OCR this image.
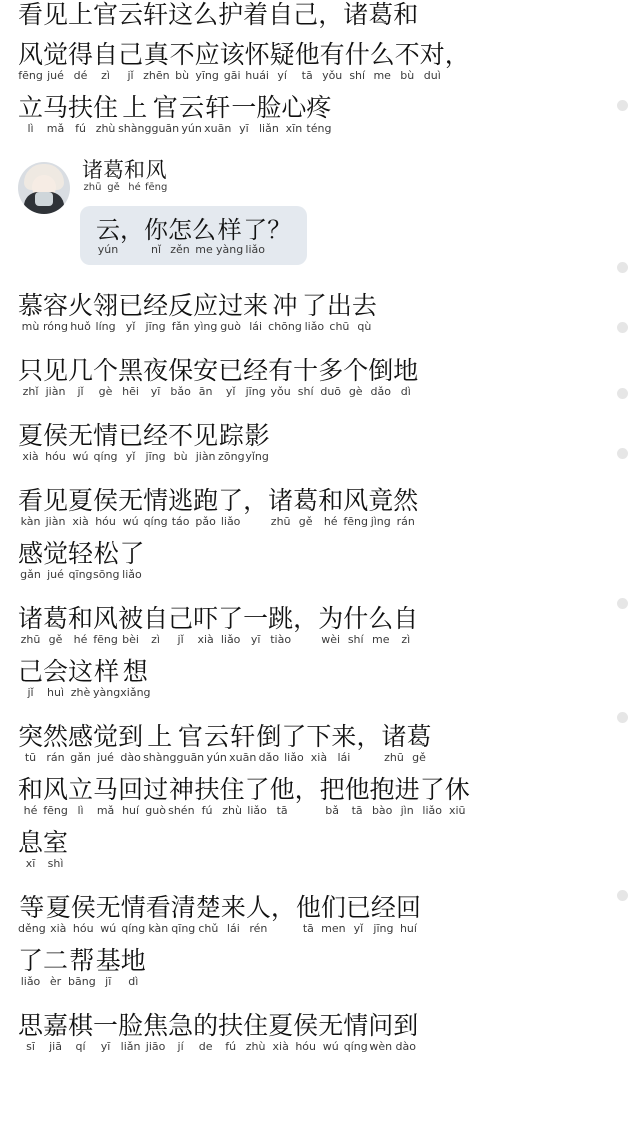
看 见 上 官 云 轩 这 么 护 着 自 己 ， 诸 葛 和
fēng
风
jué
觉
dé
得
zì
自
jǐ
己
zhēn
真
bù
不
yīng
应
gāi
该
huái
怀
yí
疑
tā
他
yǒu
有
shí
什
me
么
bù
不
duì
对 ，
lì
立
mǎ
马
fú
扶
zhù
住
shàng
上
guān
官
yún
云
xuān
轩
yī
一
liǎn
脸
xīn
心
téng
疼
zhū
诸
gě
葛
hé
和
fēng
风
yún
云 ，
nǐ
你
zěn
怎
me
么
yàng
样
liǎo
了 ？
mù
慕
róng
容
huǒ
火
líng
翎
yǐ
已
jīng
经
fǎn
反
yìng
应
guò
过
lái
来
chōng
冲
liǎo
了
chū
出
qù
去
zhǐ
只
jiàn
见
jǐ
几
gè
个
hēi
黑
yī
夜
bǎo
保
ān
安
yǐ
已
jīng
经
yǒu
有
shí
十
duō
多
gè
个
dǎo
倒
dì
地
xià
夏
hóu
侯
wú
无
qíng
情
yǐ
已
jīng
经
bù
不
jiàn
见
zōng
踪
yǐng
影
kàn
看
jiàn
见
xià
夏
hóu
侯
wú
无
qíng
情
táo
逃
pǎo
跑
liǎo
了 ，
zhū
诸
gě
葛
hé
和
fēng
风
jìng
竟
rán
然
gǎn
感
jué
觉
qīng
轻
sōng
松
liǎo
了
zhū
诸
gě
葛
hé
和
fēng
风
bèi
被
zì
自
jǐ
己
xià
吓
liǎo
了
yī
一
tiào
跳 ，
wèi
为
shí
什
me
么
zì
自
jǐ
己
huì
会
zhè
这
yàng
样
xiǎng
想
tū
突
rán
然
gǎn
感
jué
觉
dào
到
shàng
上
guān
官
yún
云
xuān
轩
dǎo
倒
liǎo
了
xià
下
lái
来 ，
zhū
诸
gě
葛
hé
和
fēng
风
lì
立
mǎ
马
huí
回
guò
过
shén
神
fú
扶
zhù
住
liǎo
了
tā
他 ，
bǎ
把
tā
他
bào
抱
jìn
进
liǎo
了
xiū
休
xī
息
shì
室
děng
等
xià
夏
hóu
侯
wú
无
qíng
情
kàn
看
qīng
清
chǔ
楚
lái
来
rén
人 ，
tā
他
men
们
yǐ
已
jīng
经
huí
回
liǎo
了
èr
二
bāng
帮
jī
基
dì
地
sī
思
jiā
嘉
qí
棋
yī
一
liǎn
脸
jiāo
焦
jí
急
de
的
fú
扶
zhù
住
xià
夏
hóu
侯
wú
无
qíng
情
wèn
问
dào
到
